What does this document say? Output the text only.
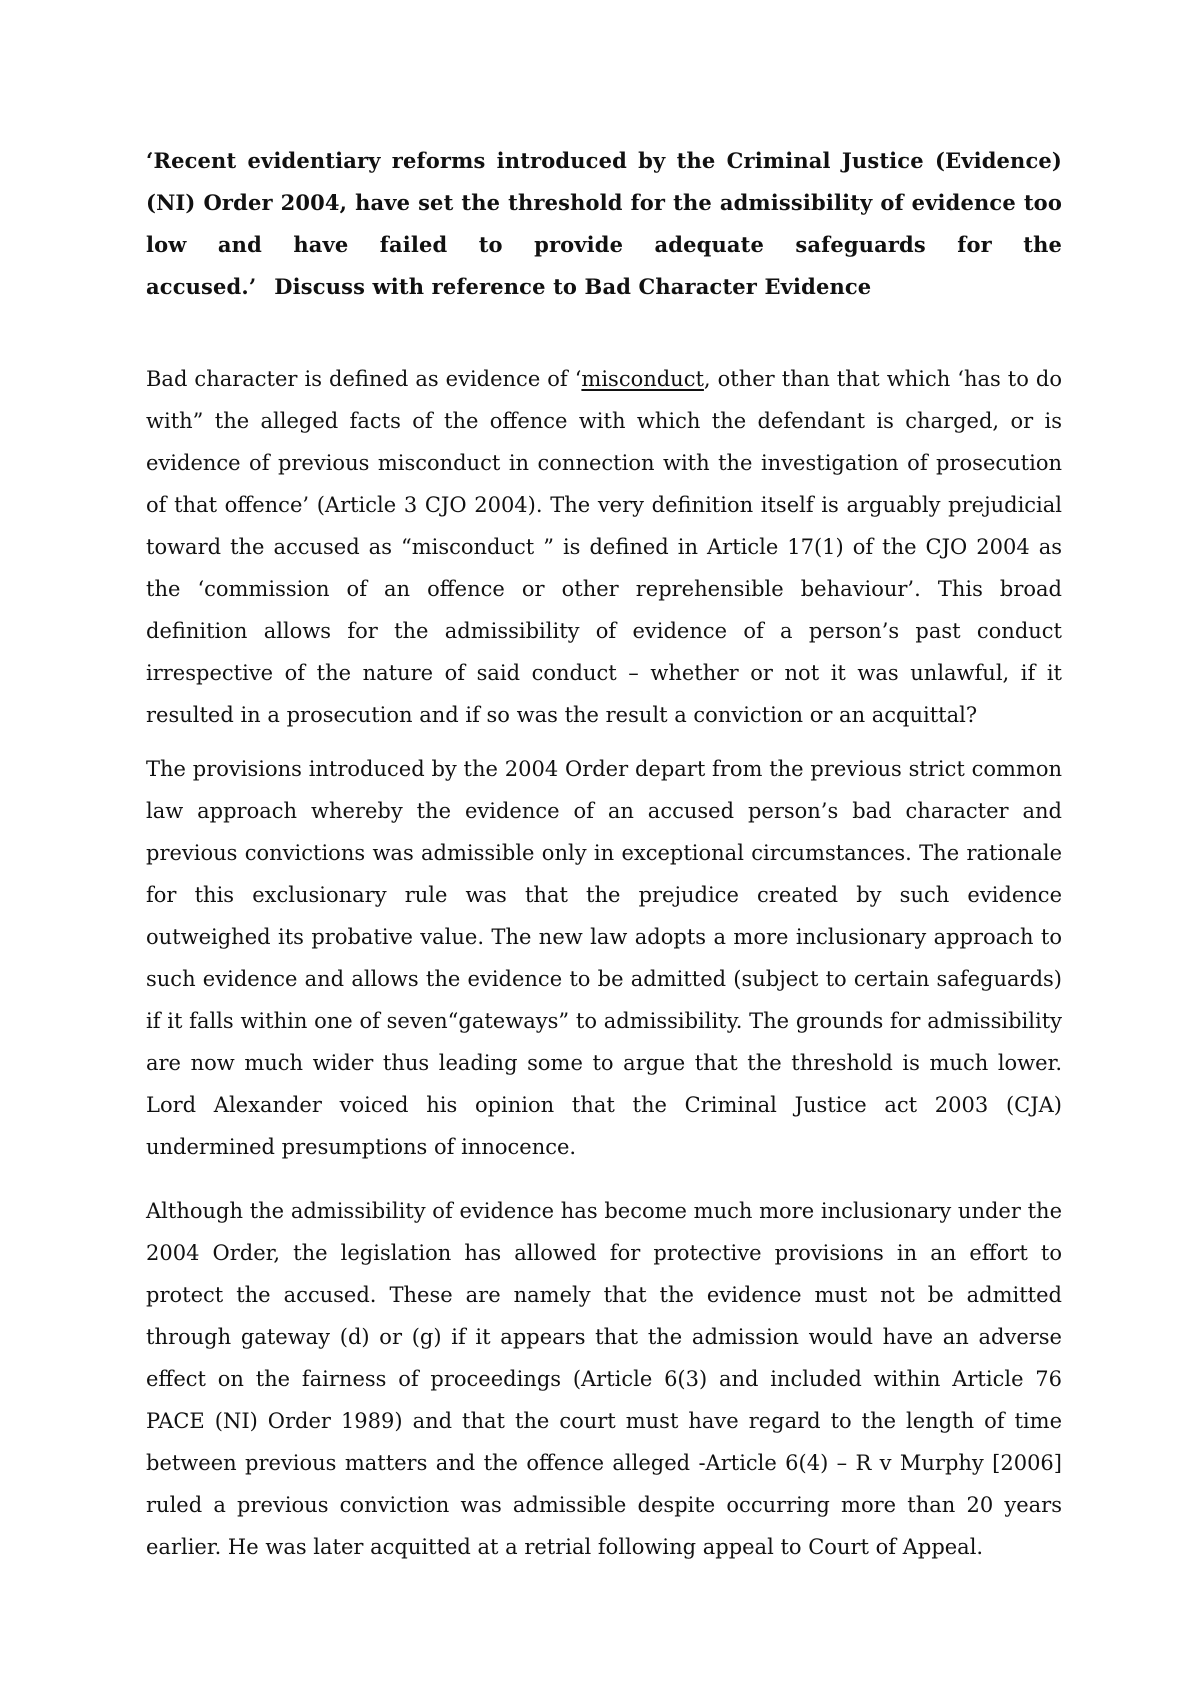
‘Recent evidentiary reforms introduced by the Criminal Justice (Evidence) (NI) Order 2004, have set the threshold for the admissibility of evidence too low and have failed to provide adequate safeguards for the accused.’ Discuss with reference to Bad Character Evidence

Bad character is defined as evidence of ‘misconduct, other than that which ‘has to do with” the alleged facts of the offence with which the defendant is charged, or is evidence of previous misconduct in connection with the investigation of prosecution of that offence’ (Article 3 CJO 2004). The very definition itself is arguably prejudicial toward the accused as “misconduct ” is defined in Article 17(1) of the CJO 2004 as the ‘commission of an offence or other reprehensible behaviour’. This broad definition allows for the admissibility of evidence of a person’s past conduct irrespective of the nature of said conduct – whether or not it was unlawful, if it resulted in a prosecution and if so was the result a conviction or an acquittal?

The provisions introduced by the 2004 Order depart from the previous strict common law approach whereby the evidence of an accused person’s bad character and previous convictions was admissible only in exceptional circumstances. The rationale for this exclusionary rule was that the prejudice created by such evidence outweighed its probative value. The new law adopts a more inclusionary approach to such evidence and allows the evidence to be admitted (subject to certain safeguards) if it falls within one of seven“gateways” to admissibility. The grounds for admissibility are now much wider thus leading some to argue that the threshold is much lower. Lord Alexander voiced his opinion that the Criminal Justice act 2003 (CJA) undermined presumptions of innocence.

Although the admissibility of evidence has become much more inclusionary under the 2004 Order, the legislation has allowed for protective provisions in an effort to protect the accused. These are namely that the evidence must not be admitted through gateway (d) or (g) if it appears that the admission would have an adverse effect on the fairness of proceedings (Article 6(3) and included within Article 76 PACE (NI) Order 1989) and that the court must have regard to the length of time between previous matters and the offence alleged -Article 6(4) – R v Murphy [2006] ruled a previous conviction was admissible despite occurring more than 20 years earlier. He was later acquitted at a retrial following appeal to Court of Appeal.
